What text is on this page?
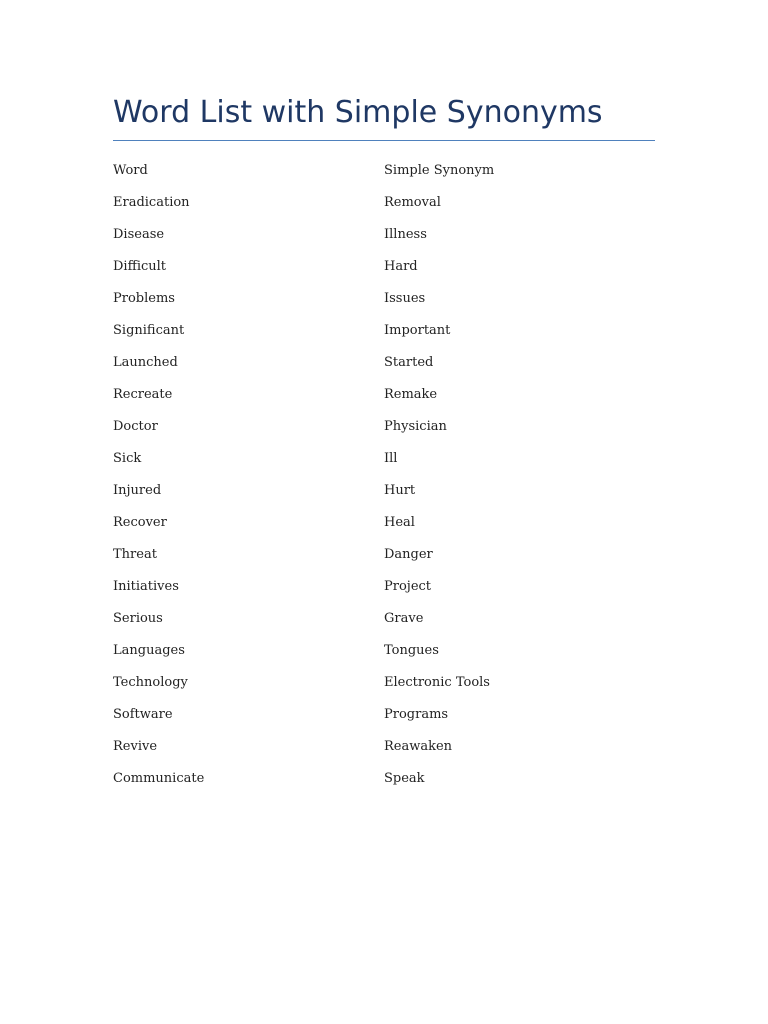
Word List with Simple Synonyms
Word	Simple Synonym
Eradication	Removal
Disease	Illness
Difficult	Hard
Problems	Issues
Significant	Important
Launched	Started
Recreate	Remake
Doctor	Physician
Sick	Ill
Injured	Hurt
Recover	Heal
Threat	Danger
Initiatives	Project
Serious	Grave
Languages	Tongues
Technology	Electronic Tools
Software	Programs
Revive	Reawaken
Communicate	Speak
